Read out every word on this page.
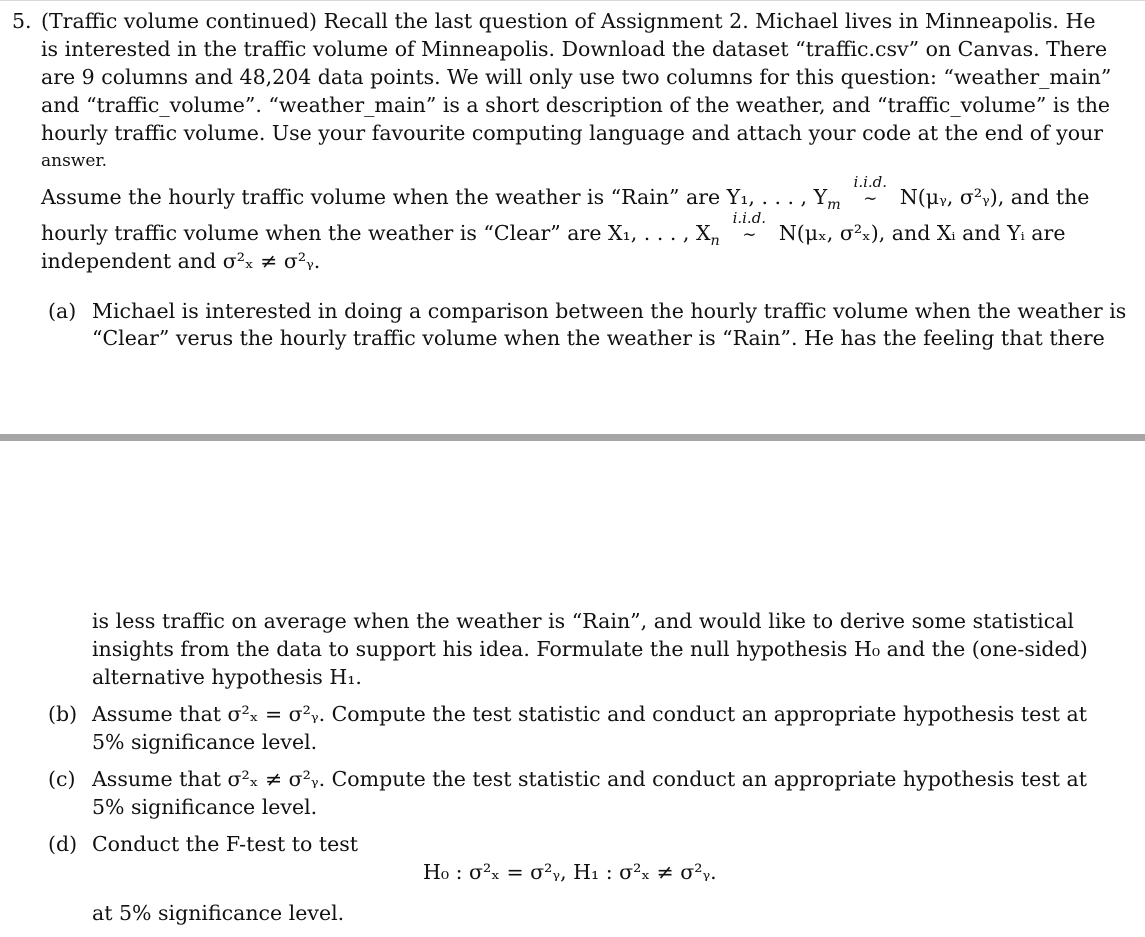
5. (Traffic volume continued) Recall the last question of Assignment 2. Michael lives in Minneapolis. He
is interested in the traffic volume of Minneapolis. Download the dataset “traffic.csv” on Canvas. There
are 9 columns and 48,204 data points. We will only use two columns for this question: “weather_main”
and “traffic_volume”. “weather_main” is a short description of the weather, and “traffic_volume” is the
hourly traffic volume. Use your favourite computing language and attach your code at the end of your
answer.
Assume the hourly traffic volume when the weather is “Rain” are Y₁, . . . , $Y_m$
i.i.d.
∼ N(μᵧ, σ²ᵧ), and the
hourly traffic volume when the weather is “Clear” are X₁, . . . , $X_n$
i.i.d.
∼ N(μₓ, σ²ₓ), and Xᵢ and Yᵢ are
independent and σ²ₓ ≠ σ²ᵧ.
(a) Michael is interested in doing a comparison between the hourly traffic volume when the weather is
“Clear” verus the hourly traffic volume when the weather is “Rain”. He has the feeling that there
is less traffic on average when the weather is “Rain”, and would like to derive some statistical
insights from the data to support his idea. Formulate the null hypothesis H₀ and the (one-sided)
alternative hypothesis H₁.
(b) Assume that σ²ₓ = σ²ᵧ. Compute the test statistic and conduct an appropriate hypothesis test at
5% significance level.
(c) Assume that σ²ₓ ≠ σ²ᵧ. Compute the test statistic and conduct an appropriate hypothesis test at
5% significance level.
(d) Conduct the F-test to test
H₀ : σ²ₓ = σ²ᵧ, H₁ : σ²ₓ ≠ σ²ᵧ.
at 5% significance level.
